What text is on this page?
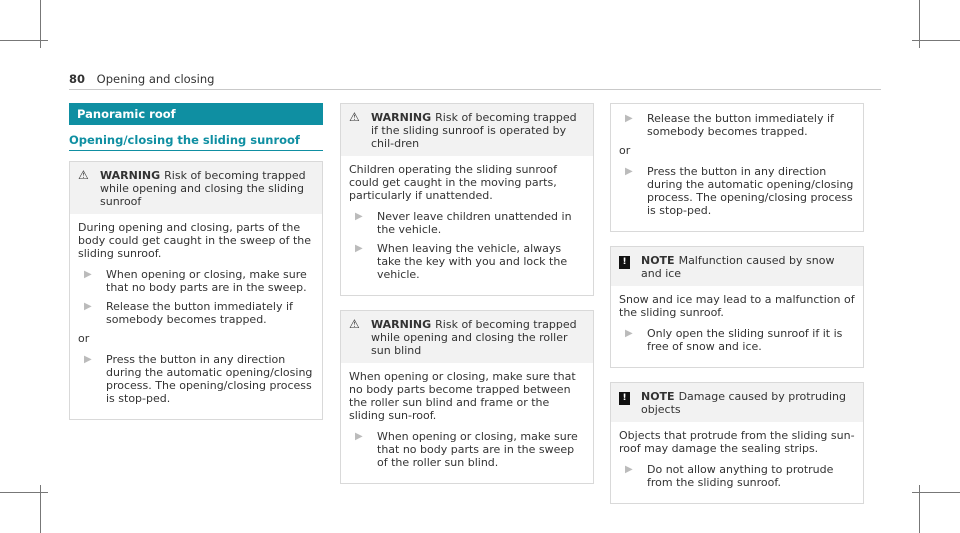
80 Opening and closing
Panoramic roof
Opening/closing the sliding sunroof
⚠	WARNING Risk of becoming trapped while opening and closing the sliding sunroof

During opening and closing, parts of the body could get caught in the sweep of the sliding sunroof.

▶	When opening or closing, make sure that no body parts are in the sweep.
▶	Release the button immediately if somebody becomes trapped.
or
▶	Press the button in any direction during the automatic opening/closing process. The opening/closing process is stop-ped.
⚠	WARNING Risk of becoming trapped if the sliding sunroof is operated by chil-dren

Children operating the sliding sunroof could get caught in the moving parts, particularly if unattended.

▶	Never leave children unattended in the vehicle.
▶	When leaving the vehicle, always take the key with you and lock the vehicle.
⚠	WARNING Risk of becoming trapped while opening and closing the roller sun blind

When opening or closing, make sure that no body parts become trapped between the roller sun blind and frame or the sliding sun-roof.

▶	When opening or closing, make sure that no body parts are in the sweep of the roller sun blind.
▶	Release the button immediately if somebody becomes trapped.
or
▶	Press the button in any direction during the automatic opening/closing process. The opening/closing process is stop-ped.
!	NOTE Malfunction caused by snow and ice

Snow and ice may lead to a malfunction of the sliding sunroof.

▶	Only open the sliding sunroof if it is free of snow and ice.
!	NOTE Damage caused by protruding objects

Objects that protrude from the sliding sun-roof may damage the sealing strips.

▶	Do not allow anything to protrude from the sliding sunroof.
